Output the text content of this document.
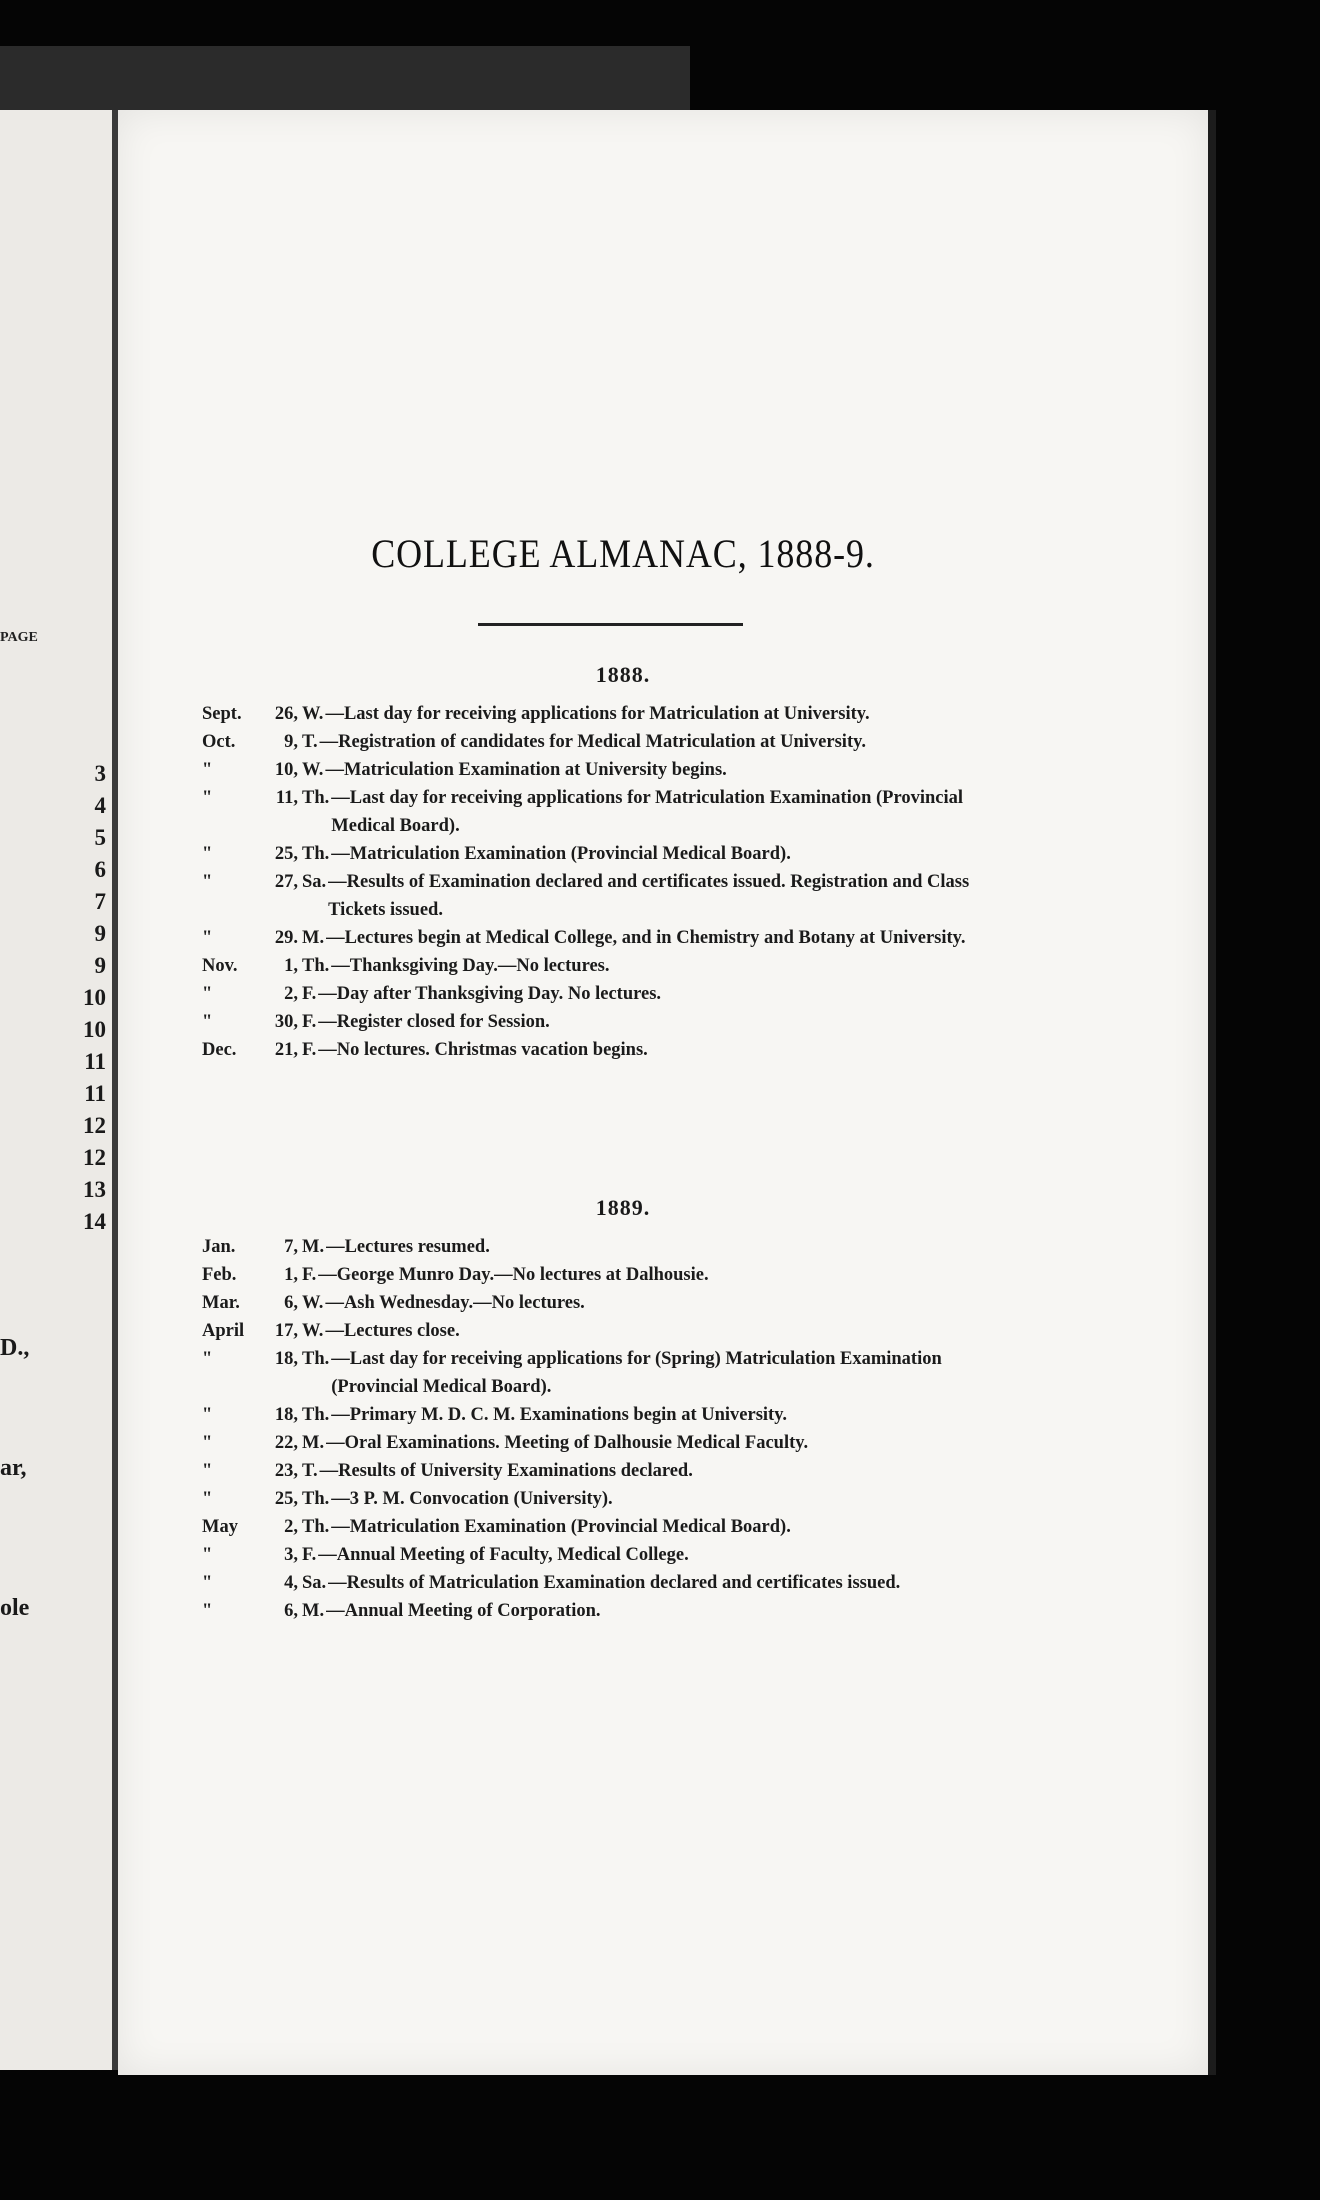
PAGE
3
4
5
6
7
9
9
10
10
11
11
12
12
13
14
D.,
ar,
ole
COLLEGE ALMANAC, 1888-9.
1888.
Sept.	26, W. —Last day for receiving applications for Matriculation at University.
Oct.	9, T. —Registration of candidates for Medical Matriculation at University.
"	10, W. —Matriculation Examination at University begins.
"	11, Th. —Last day for receiving applications for Matriculation Examination (Provincial Medical Board).
"	25, Th. —Matriculation Examination (Provincial Medical Board).
"	27, Sa. —Results of Examination declared and certificates issued. Registration and Class Tickets issued.
"	29. M. —Lectures begin at Medical College, and in Chemistry and Botany at University.
Nov.	1, Th. —Thanksgiving Day.—No lectures.
"	2, F. —Day after Thanksgiving Day. No lectures.
"	30, F. —Register closed for Session.
Dec.	21, F. —No lectures. Christmas vacation begins.
1889.
Jan.	7, M. —Lectures resumed.
Feb.	1, F. —George Munro Day.—No lectures at Dalhousie.
Mar.	6, W. —Ash Wednesday.—No lectures.
April	17, W. —Lectures close.
"	18, Th. —Last day for receiving applications for (Spring) Matriculation Examination (Provincial Medical Board).
"	18, Th. —Primary M. D. C. M. Examinations begin at University.
"	22, M. —Oral Examinations. Meeting of Dalhousie Medical Faculty.
"	23, T. —Results of University Examinations declared.
"	25, Th. —3 P. M. Convocation (University).
May	2, Th. —Matriculation Examination (Provincial Medical Board).
"	3, F. —Annual Meeting of Faculty, Medical College.
"	4, Sa. —Results of Matriculation Examination declared and certificates issued.
"	6, M. —Annual Meeting of Corporation.
